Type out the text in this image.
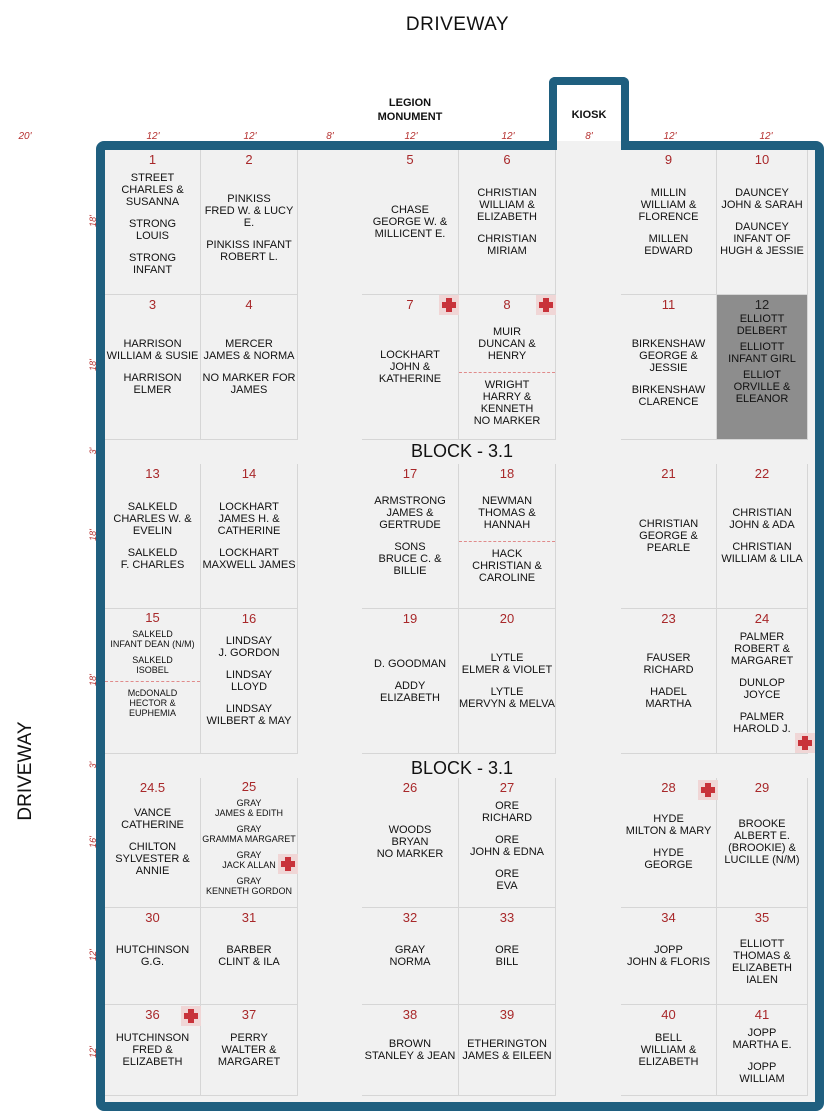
DRIVEWAY
DRIVEWAY
LEGION
MONUMENT	KIOSK
20'	12'	12'	8'	12'	12'	8'	12'	12'
18'
18'
3'
18'
18'
3'
16'
12'
12'
BLOCK - 3.1
BLOCK - 3.1
1
STREET
CHARLES &
SUSANNA
STRONG
LOUIS
STRONG
INFANT
2
PINKISS
FRED W. & LUCY E.
PINKISS INFANT
ROBERT L.
5
CHASE
GEORGE W. &
MILLICENT E.
6
CHRISTIAN
WILLIAM &
ELIZABETH
CHRISTIAN
MIRIAM
9
MILLIN
WILLIAM &
FLORENCE
MILLEN
EDWARD
10
DAUNCEY
JOHN & SARAH
DAUNCEY
INFANT OF
HUGH & JESSIE
3
HARRISON
WILLIAM & SUSIE
HARRISON
ELMER
4
MERCER
JAMES & NORMA
NO MARKER FOR
JAMES
7
LOCKHART
JOHN &
KATHERINE
8
MUIR
DUNCAN & HENRY
WRIGHT
HARRY &
KENNETH
NO MARKER
11
BIRKENSHAW
GEORGE & JESSIE
BIRKENSHAW
CLARENCE
12
ELLIOTT
DELBERT
ELLIOTT
INFANT GIRL
ELLIOT
ORVILLE &
ELEANOR
13
SALKELD
CHARLES W. &
EVELIN
SALKELD
F. CHARLES
14
LOCKHART
JAMES H. &
CATHERINE
LOCKHART
MAXWELL JAMES
17
ARMSTRONG
JAMES &
GERTRUDE
SONS
BRUCE C. &
BILLIE
18
NEWMAN
THOMAS &
HANNAH
HACK
CHRISTIAN &
CAROLINE
21
CHRISTIAN
GEORGE &
PEARLE
22
CHRISTIAN
JOHN & ADA
CHRISTIAN
WILLIAM & LILA
15
SALKELD
INFANT DEAN (N/M)
SALKELD
ISOBEL
McDONALD
HECTOR &
EUPHEMIA
16
LINDSAY
J. GORDON
LINDSAY
LLOYD
LINDSAY
WILBERT & MAY
19
D. GOODMAN
ADDY
ELIZABETH
20
LYTLE
ELMER & VIOLET
LYTLE
MERVYN & MELVA
23
FAUSER
RICHARD
HADEL
MARTHA
24
PALMER
ROBERT &
MARGARET
DUNLOP
JOYCE
PALMER
HAROLD J.
24.5
VANCE
CATHERINE
CHILTON
SYLVESTER &
ANNIE
25
GRAY
JAMES & EDITH
GRAY
GRAMMA MARGARET
GRAY
JACK ALLAN
GRAY
KENNETH GORDON
26
WOODS
BRYAN
NO MARKER
27
ORE
RICHARD
ORE
JOHN & EDNA
ORE
EVA
28
HYDE
MILTON & MARY
HYDE
GEORGE
29
BROOKE
ALBERT E.
(BROOKIE) &
LUCILLE (N/M)
30
HUTCHINSON
G.G.
31
BARBER
CLINT & ILA
32
GRAY
NORMA
33
ORE
BILL
34
JOPP
JOHN & FLORIS
35
ELLIOTT
THOMAS &
ELIZABETH IALEN
36
HUTCHINSON
FRED &
ELIZABETH
37
PERRY
WALTER &
MARGARET
38
BROWN
STANLEY & JEAN
39
ETHERINGTON
JAMES & EILEEN
40
BELL
WILLIAM &
ELIZABETH
41
JOPP
MARTHA E.
JOPP
WILLIAM
